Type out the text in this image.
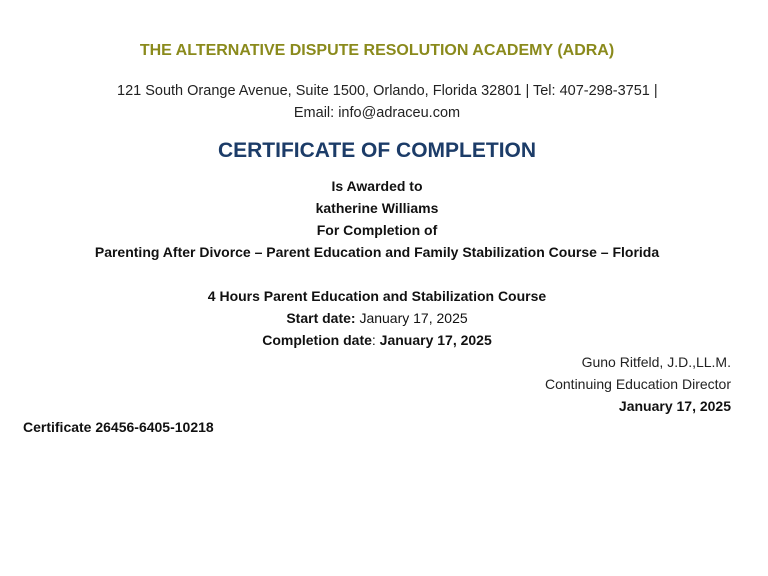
THE ALTERNATIVE DISPUTE RESOLUTION ACADEMY (ADRA)
121 South Orange Avenue, Suite 1500, Orlando, Florida 32801 | Tel: 407-298-3751 |
Email: info@adraceu.com
CERTIFICATE OF COMPLETION
Is Awarded to
katherine Williams
For Completion of
Parenting After Divorce – Parent Education and Family Stabilization Course – Florida
4 Hours Parent Education and Stabilization Course
Start date: January 17, 2025
Completion date: January 17, 2025
Guno Ritfeld, J.D.,LL.M.
Continuing Education Director
January 17, 2025
Certificate 26456-6405-10218
